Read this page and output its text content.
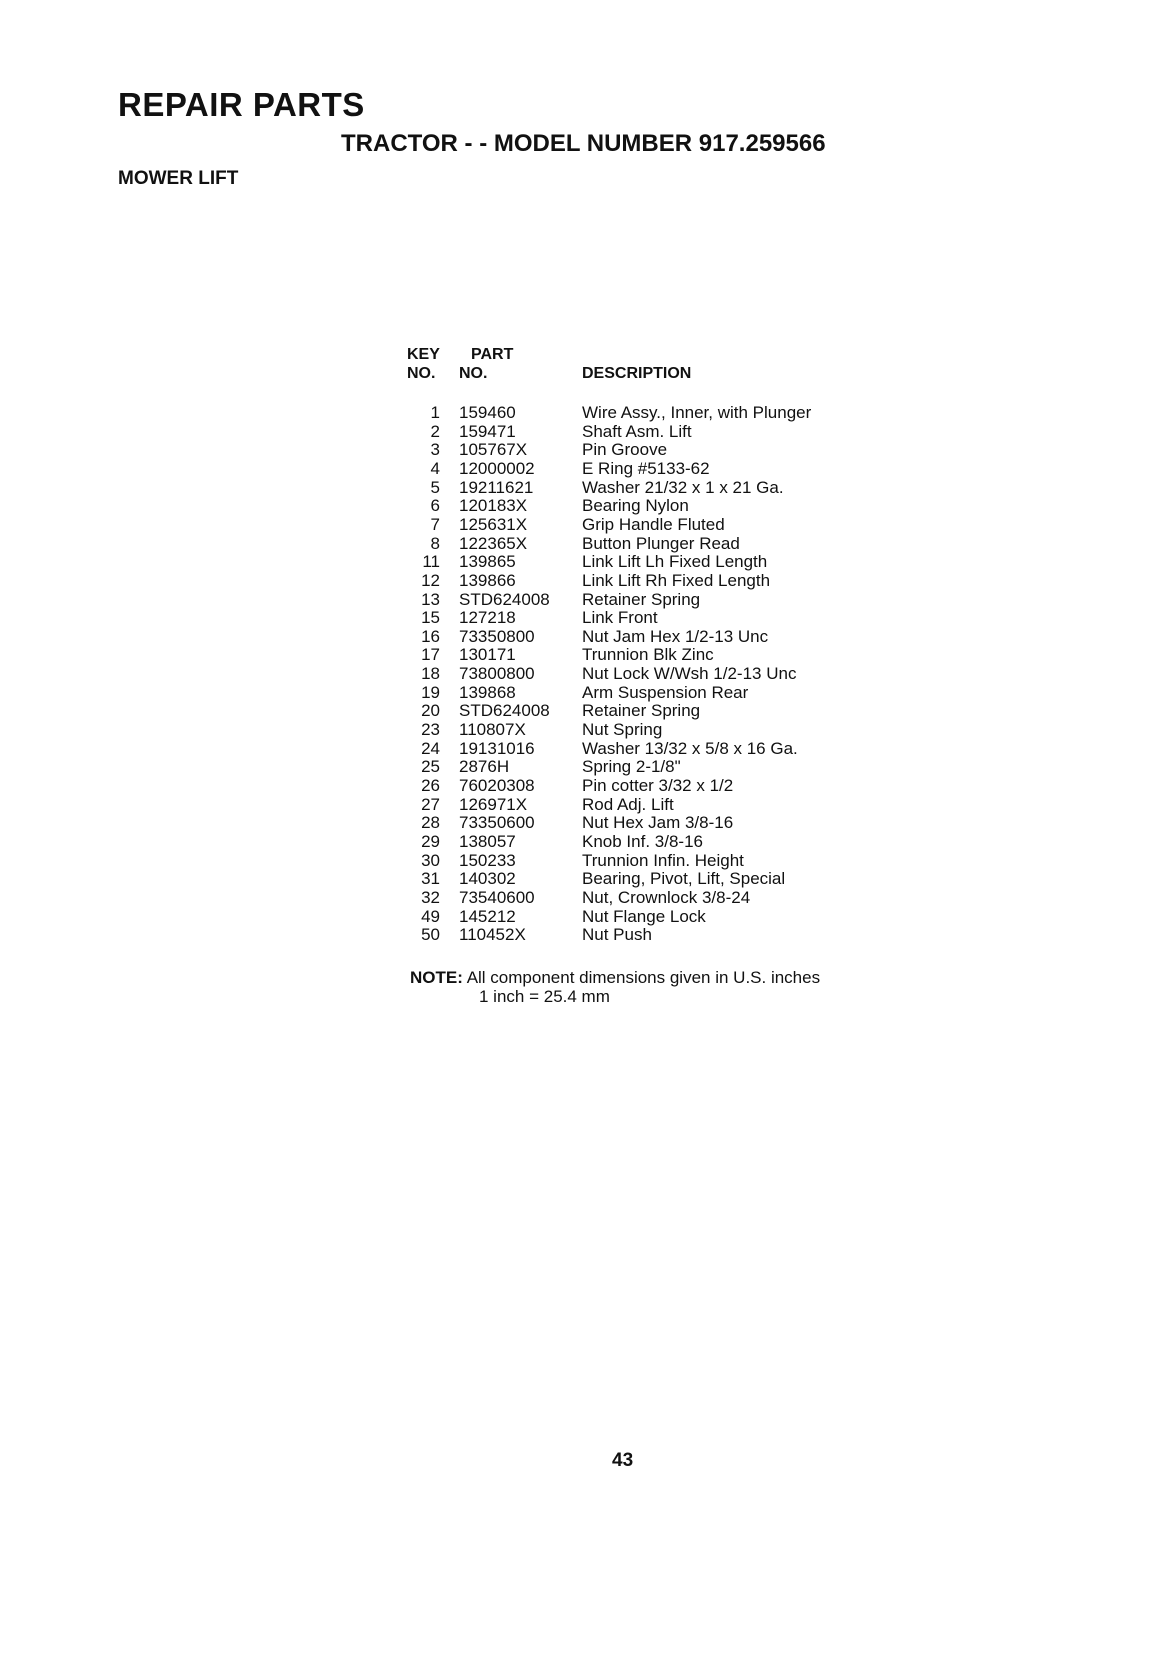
REPAIR PARTS
TRACTOR - - MODEL NUMBER 917.259566
MOWER LIFT
KEY
NO.
PART
NO.	DESCRIPTION
1 159460	Wire Assy., Inner, with Plunger
2 159471	Shaft Asm. Lift
3 105767X	Pin Groove
4 12000002	E Ring #5133-62
5 19211621	Washer 21/32 x 1 x 21 Ga.
6 120183X	Bearing Nylon
7 125631X	Grip Handle Fluted
8 122365X	Button Plunger Read
11 139865	Link Lift Lh Fixed Length
12 139866	Link Lift Rh Fixed Length
13 STD624008 Retainer Spring
15 127218	Link Front
16 73350800	Nut Jam Hex 1/2-13 Unc
17 130171	Trunnion Blk Zinc
18 73800800	Nut Lock W/Wsh 1/2-13 Unc
19 139868	Arm Suspension Rear
20 STD624008 Retainer Spring
23 110807X	Nut Spring
24 19131016	Washer 13/32 x 5/8 x 16 Ga.
25 2876H	Spring 2-1/8"
26 76020308	Pin cotter 3/32 x 1/2
27 126971X	Rod Adj. Lift
28 73350600	Nut Hex Jam 3/8-16
29 138057	Knob Inf. 3/8-16
30 150233	Trunnion Infin. Height
31 140302	Bearing, Pivot, Lift, Special
32 73540600	Nut, Crownlock 3/8-24
49 145212	Nut Flange Lock
50 110452X	Nut Push
NOTE: All component dimensions given in U.S. inches
1 inch = 25.4 mm
43
